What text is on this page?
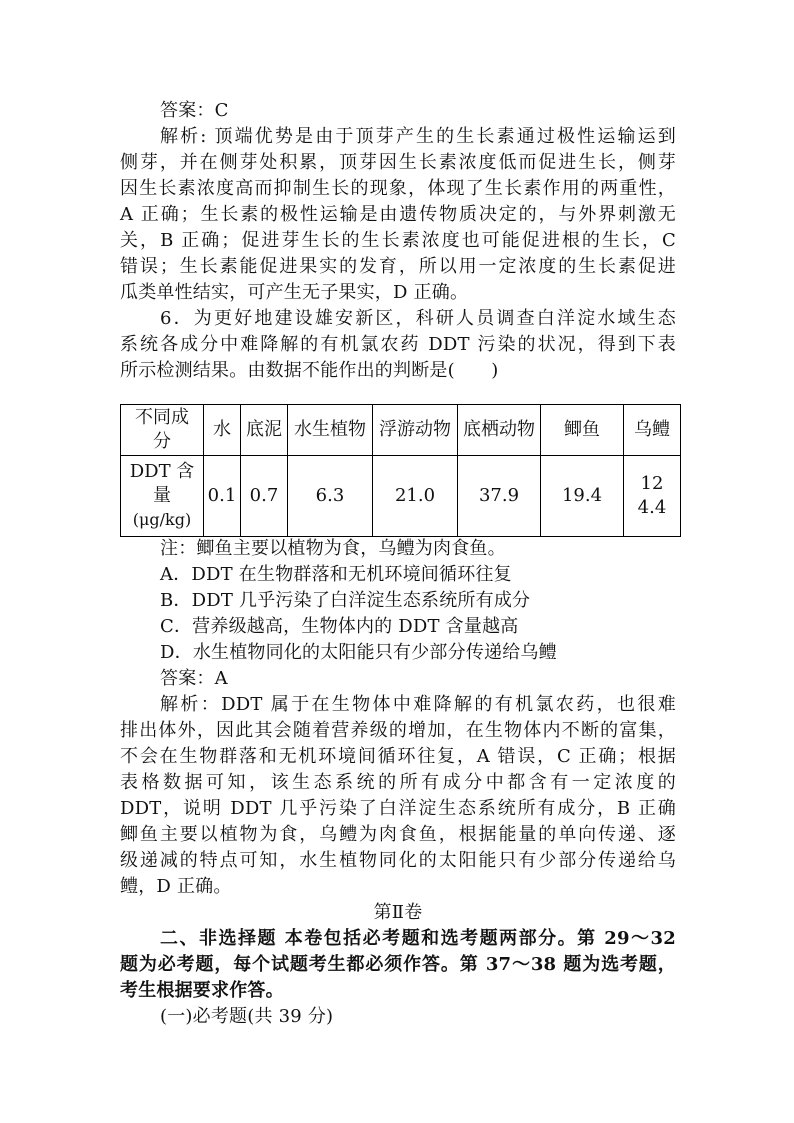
答案：C
解析: 顶端优势是由于顶芽产生的生长素通过极性运输运到
侧芽，并在侧芽处积累，顶芽因生长素浓度低而促进生长，侧芽
因生长素浓度高而抑制生长的现象，体现了生长素作用的两重性，
A 正确；生长素的极性运输是由遗传物质决定的，与外界刺激无
关，B 正确；促进芽生长的生长素浓度也可能促进根的生长，C
错误；生长素能促进果实的发育，所以用一定浓度的生长素促进
瓜类单性结实，可产生无子果实，D 正确。
6．为更好地建设雄安新区，科研人员调查白洋淀水域生态
系统各成分中难降解的有机氯农药 DDT 污染的状况，得到下表
所示检测结果。由数据不能作出的判断是(　　)
不同成分	水	底泥	水生植物	浮游动物	底栖动物	鲫鱼	乌鳢

DDT 含
量
(μg/kg)	0.1	0.7	6.3	21.0	37.9	19.4	124.4
注：鲫鱼主要以植物为食，乌鳢为肉食鱼。
A．DDT 在生物群落和无机环境间循环往复
B．DDT 几乎污染了白洋淀生态系统所有成分
C．营养级越高，生物体内的 DDT 含量越高
D．水生植物同化的太阳能只有少部分传递给乌鳢
答案：A
解析：DDT 属于在生物体中难降解的有机氯农药，也很难
排出体外，因此其会随着营养级的增加，在生物体内不断的富集，
不会在生物群落和无机环境间循环往复，A 错误，C 正确；根据
表格数据可知，该生态系统的所有成分中都含有一定浓度的
DDT，说明 DDT 几乎污染了白洋淀生态系统所有成分，B 正确
鲫鱼主要以植物为食，乌鳢为肉食鱼，根据能量的单向传递、逐
级递减的特点可知，水生植物同化的太阳能只有少部分传递给乌
鳢，D 正确。
第Ⅱ卷
二、非选择题 本卷包括必考题和选考题两部分。第 29～32
题为必考题，每个试题考生都必须作答。第 37～38 题为选考题，
考生根据要求作答。
(一)必考题(共 39 分)
